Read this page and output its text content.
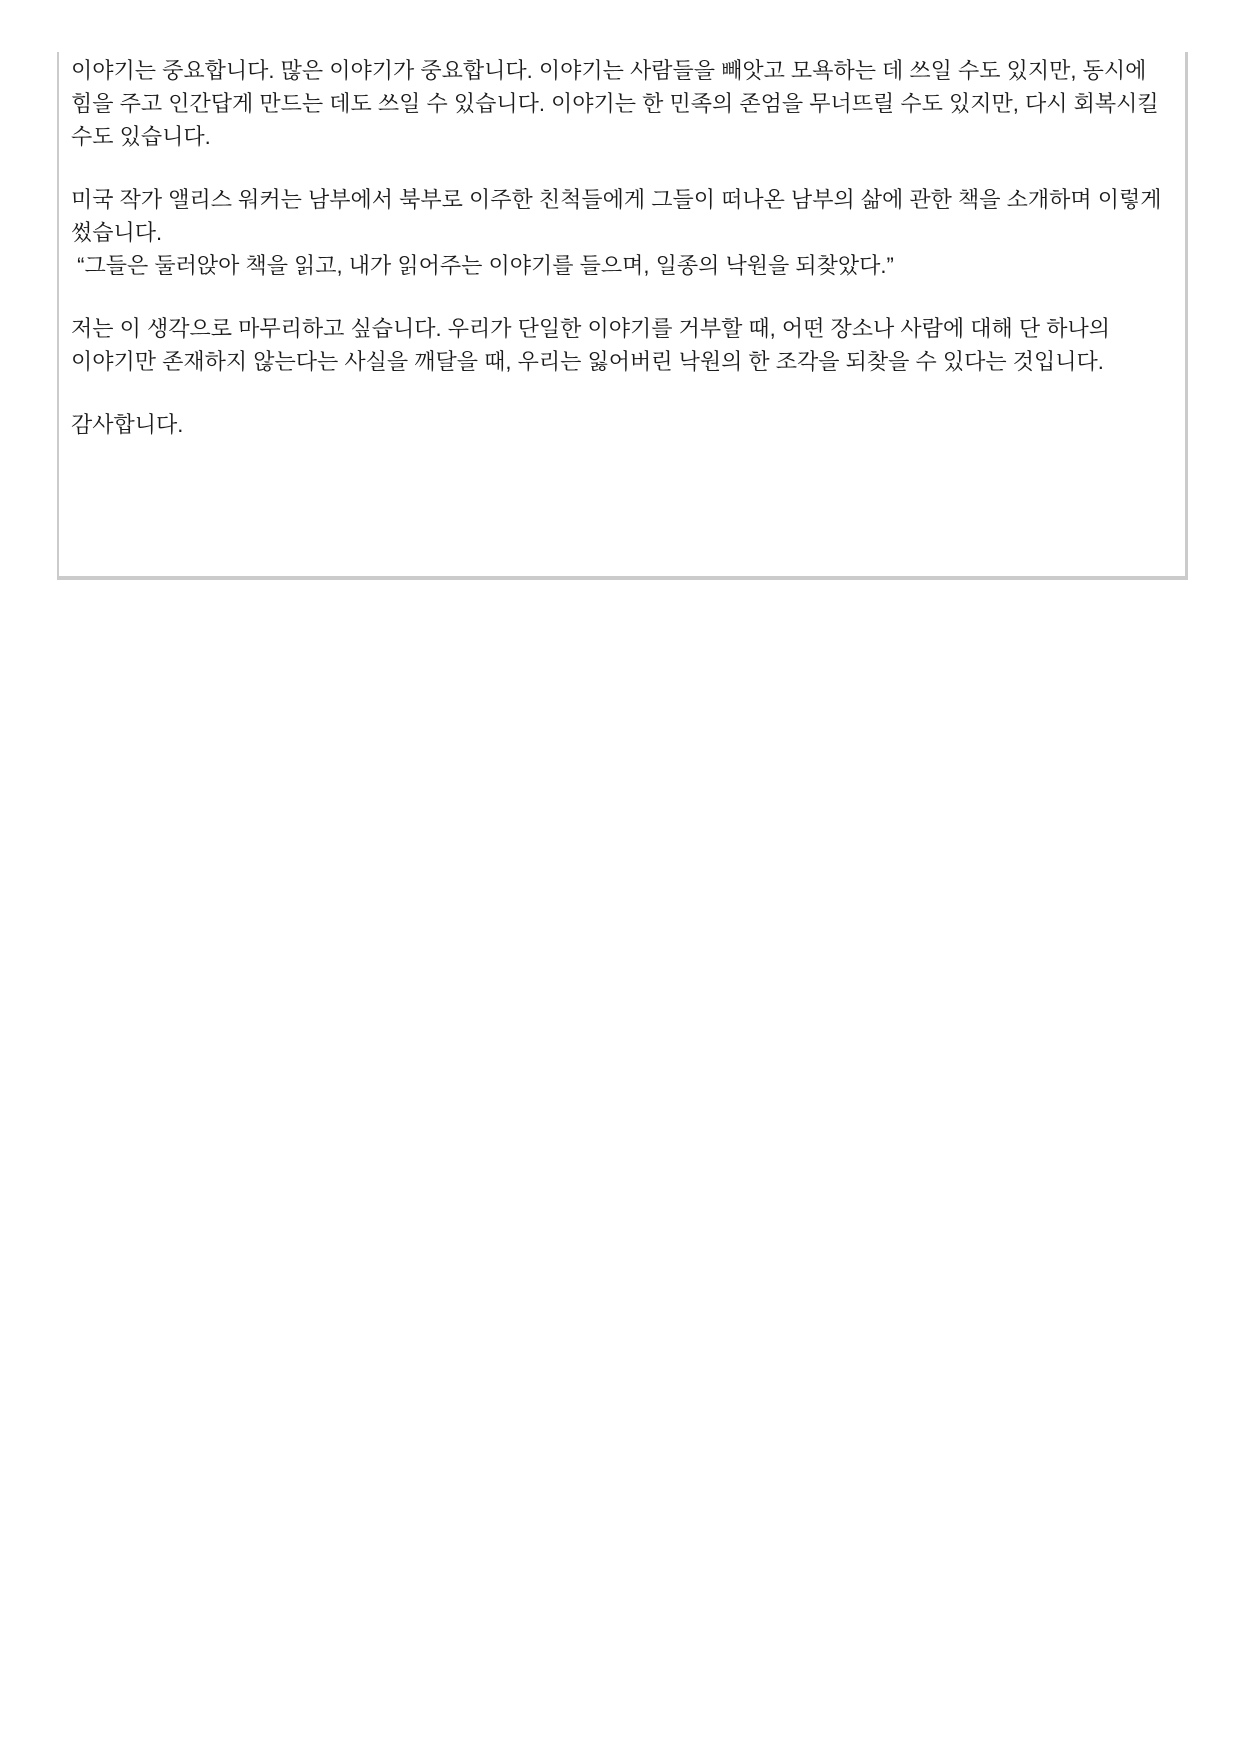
이야기는 중요합니다. 많은 이야기가 중요합니다. 이야기는 사람들을 빼앗고 모욕하는 데 쓰일 수도 있지만, 동시에 힘을 주고 인간답게 만드는 데도 쓰일 수 있습니다. 이야기는 한 민족의 존엄을 무너뜨릴 수도 있지만, 다시 회복시킬 수도 있습니다.

미국 작가 앨리스 워커는 남부에서 북부로 이주한 친척들에게 그들이 떠나온 남부의 삶에 관한 책을 소개하며 이렇게 썼습니다.
“그들은 둘러앉아 책을 읽고, 내가 읽어주는 이야기를 들으며, 일종의 낙원을 되찾았다.”

저는 이 생각으로 마무리하고 싶습니다. 우리가 단일한 이야기를 거부할 때, 어떤 장소나 사람에 대해 단 하나의 이야기만 존재하지 않는다는 사실을 깨달을 때, 우리는 잃어버린 낙원의 한 조각을 되찾을 수 있다는 것입니다.

감사합니다.
